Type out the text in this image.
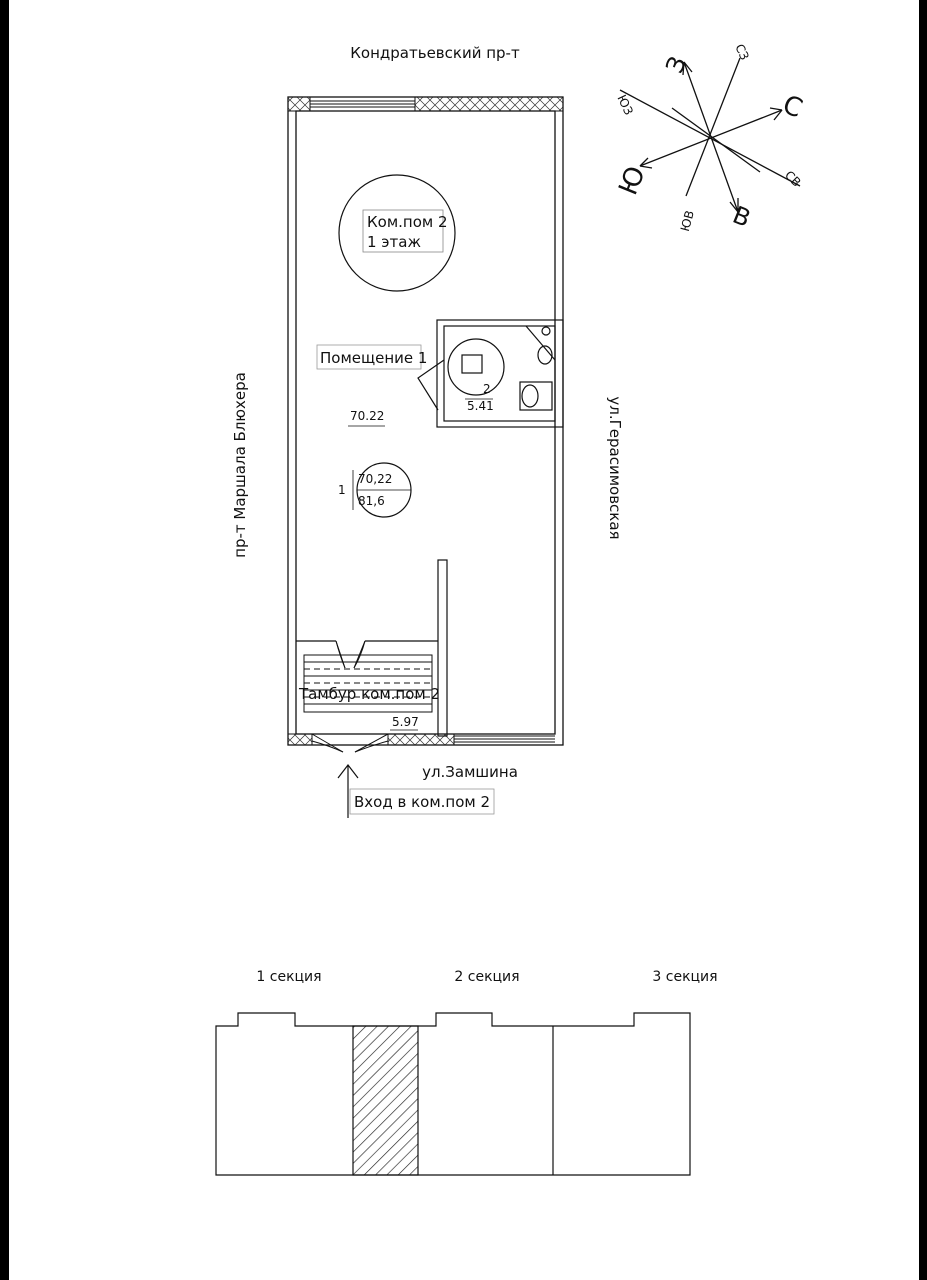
Кондратьевский пр-т
пр-т Маршала Блюхера	ул.Герасимовская
ул.Замшина
2
5.41
Ком.пом 2
1 этаж
Помещение 1
70.22
1
70,22
81,6
Тамбур ком.пом 2
5.97
Вход в ком.пом 2
С
Ю
В
З
СВ
СЗ
ЮВ
ЮЗ
1 секция	2 секция	3 секция
